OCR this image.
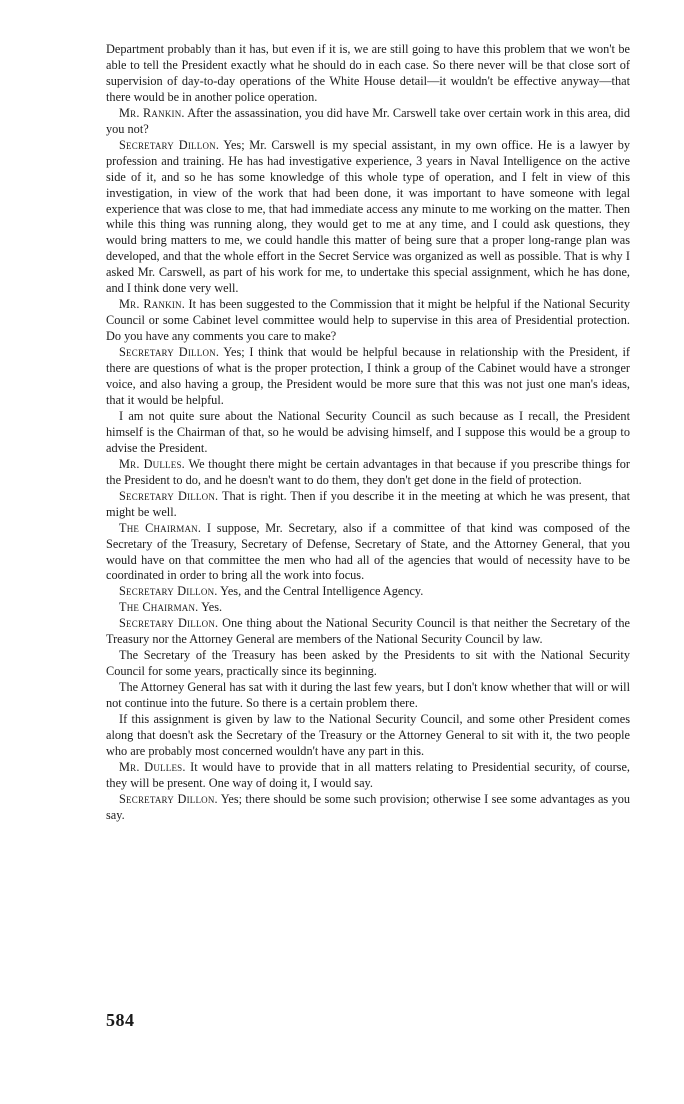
Department probably than it has, but even if it is, we are still going to have this problem that we won't be able to tell the President exactly what he should do in each case. So there never will be that close sort of supervision of day-to-day operations of the White House detail—it wouldn't be effective anyway—that there would be in another police operation.

Mr. Rankin. After the assassination, you did have Mr. Carswell take over certain work in this area, did you not?

Secretary Dillon. Yes; Mr. Carswell is my special assistant, in my own office. He is a lawyer by profession and training. He has had investigative experience, 3 years in Naval Intelligence on the active side of it, and so he has some knowledge of this whole type of operation, and I felt in view of this investigation, in view of the work that had been done, it was important to have someone with legal experience that was close to me, that had immediate access any minute to me working on the matter. Then while this thing was running along, they would get to me at any time, and I could ask questions, they would bring matters to me, we could handle this matter of being sure that a proper long-range plan was developed, and that the whole effort in the Secret Service was organized as well as possible. That is why I asked Mr. Carswell, as part of his work for me, to undertake this special assignment, which he has done, and I think done very well.

Mr. Rankin. It has been suggested to the Commission that it might be helpful if the National Security Council or some Cabinet level committee would help to supervise in this area of Presidential protection. Do you have any comments you care to make?

Secretary Dillon. Yes; I think that would be helpful because in relationship with the President, if there are questions of what is the proper protection, I think a group of the Cabinet would have a stronger voice, and also having a group, the President would be more sure that this was not just one man's ideas, that it would be helpful.

I am not quite sure about the National Security Council as such because as I recall, the President himself is the Chairman of that, so he would be advising himself, and I suppose this would be a group to advise the President.

Mr. Dulles. We thought there might be certain advantages in that because if you prescribe things for the President to do, and he doesn't want to do them, they don't get done in the field of protection.

Secretary Dillon. That is right. Then if you describe it in the meeting at which he was present, that might be well.

The Chairman. I suppose, Mr. Secretary, also if a committee of that kind was composed of the Secretary of the Treasury, Secretary of Defense, Secretary of State, and the Attorney General, that you would have on that committee the men who had all of the agencies that would of necessity have to be coordinated in order to bring all the work into focus.

Secretary Dillon. Yes, and the Central Intelligence Agency.

The Chairman. Yes.

Secretary Dillon. One thing about the National Security Council is that neither the Secretary of the Treasury nor the Attorney General are members of the National Security Council by law.

The Secretary of the Treasury has been asked by the Presidents to sit with the National Security Council for some years, practically since its beginning.

The Attorney General has sat with it during the last few years, but I don't know whether that will or will not continue into the future. So there is a certain problem there.

If this assignment is given by law to the National Security Council, and some other President comes along that doesn't ask the Secretary of the Treasury or the Attorney General to sit with it, the two people who are probably most concerned wouldn't have any part in this.

Mr. Dulles. It would have to provide that in all matters relating to Presidential security, of course, they will be present. One way of doing it, I would say.

Secretary Dillon. Yes; there should be some such provision; otherwise I see some advantages as you say.

584
